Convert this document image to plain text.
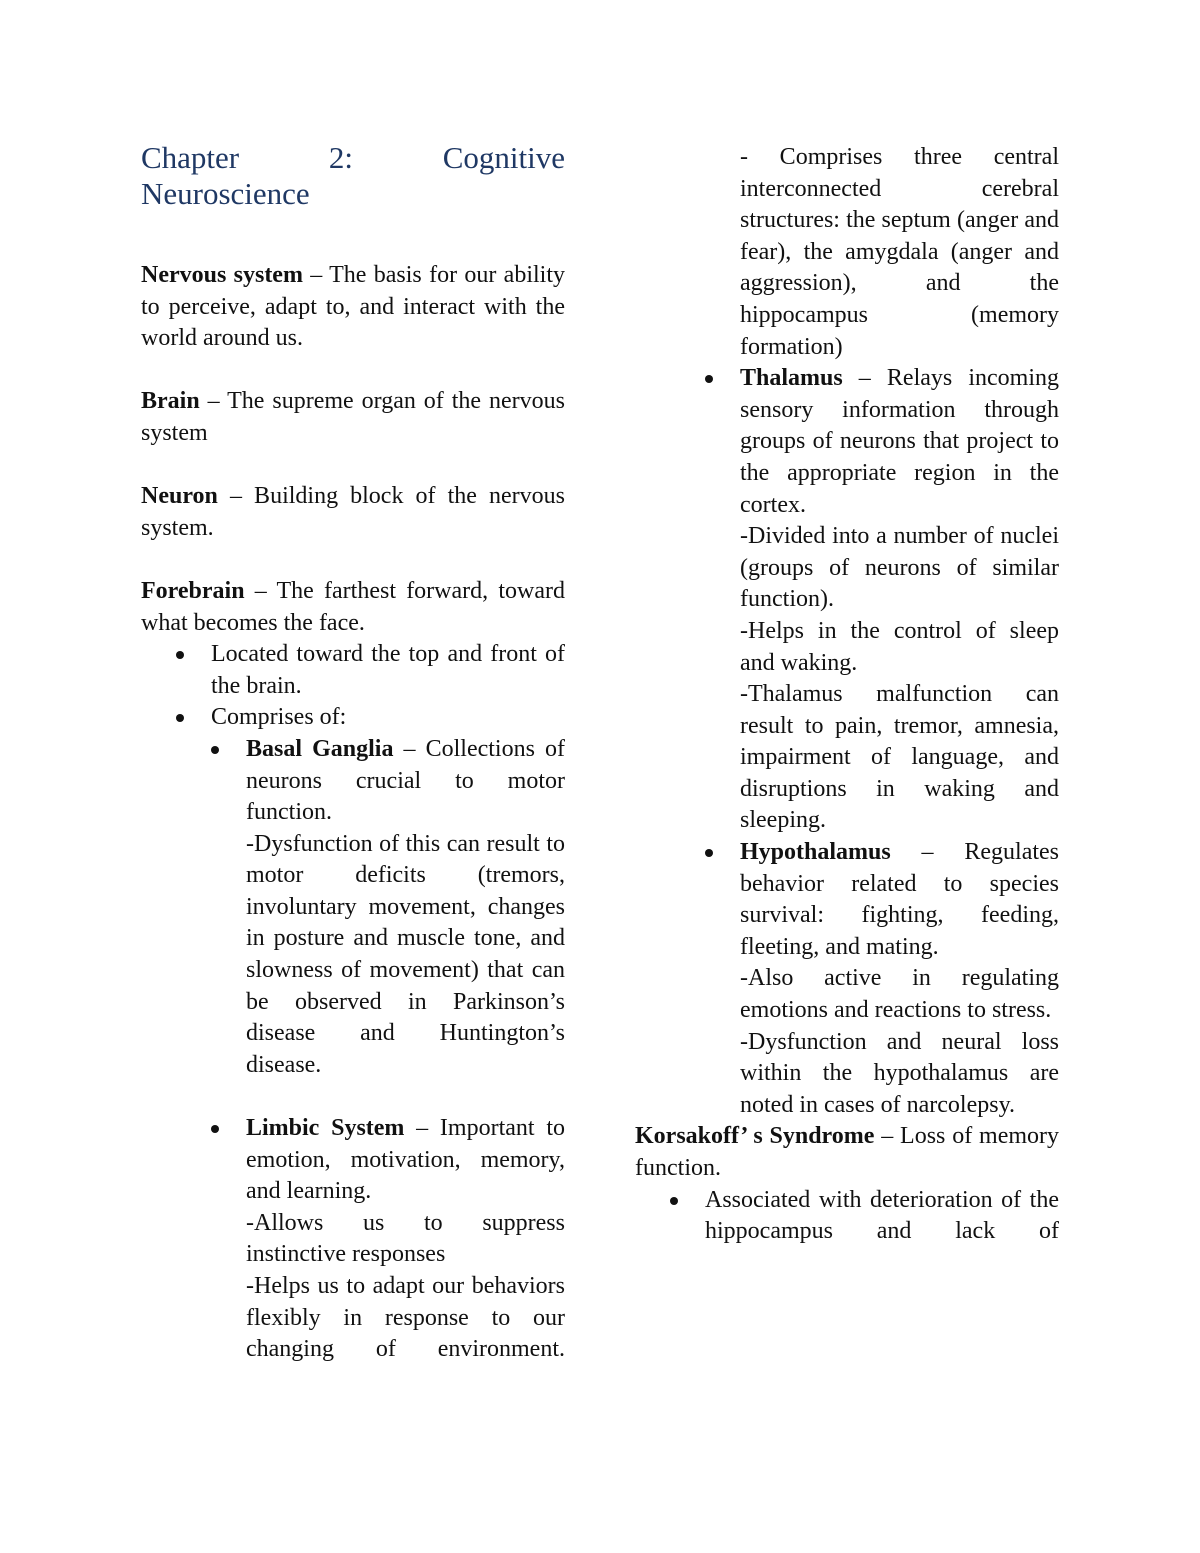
Chapter 2: Cognitive
Neuroscience

Nervous system – The basis for our ability to perceive, adapt to, and interact with the world around us.

Brain – The supreme organ of the nervous system

Neuron – Building block of the nervous system.

Forebrain – The farthest forward, toward what becomes the face.

Located toward the top and front of the brain.

Comprises of:

Basal Ganglia – Collections of neurons crucial to motor function.

-Dysfunction of this can result to motor deficits (tremors, involuntary movement, changes in posture and muscle tone, and slowness of movement) that can be observed in Parkinson’s disease and Huntington’s disease.

Limbic System – Important to emotion, motivation, memory, and learning.

-Allows us to suppress instinctive responses

-Helps us to adapt our behaviors flexibly in response to our changing of environment.

- Comprises three central interconnected cerebral structures: the septum (anger and fear), the amygdala (anger and aggression), and the hippocampus (memory formation)

Thalamus – Relays incoming sensory information through groups of neurons that project to the appropriate region in the cortex.

-Divided into a number of nuclei (groups of neurons of similar function).

-Helps in the control of sleep and waking.

-Thalamus malfunction can result to pain, tremor, amnesia, impairment of language, and disruptions in waking and sleeping.

Hypothalamus – Regulates behavior related to species survival: fighting, feeding, fleeting, and mating.

-Also active in regulating emotions and reactions to stress.

-Dysfunction and neural loss within the hypothalamus are noted in cases of narcolepsy.

Korsakoff’ s Syndrome – Loss of memory function.

Associated with deterioration of the hippocampus and lack of
